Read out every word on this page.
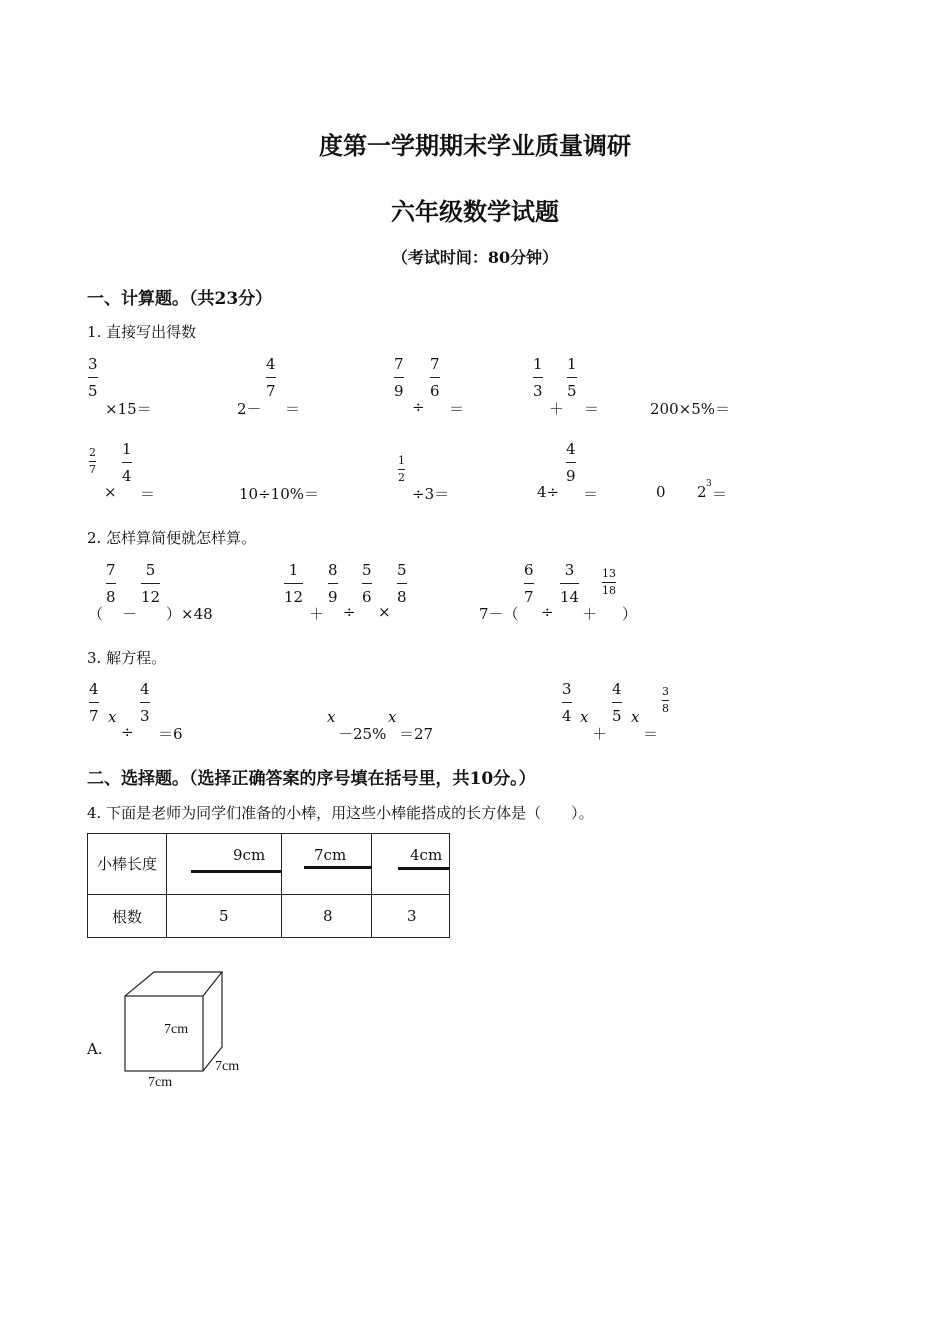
度第一学期期末学业质量调研
六年级数学试题
（考试时间：80分钟）
一、计算题。（共23分）
1. 直接写出得数
3
5
×15＝	2－
4
7
＝
7
9
÷
7
6
＝
1
3
＋
1
5
＝	200×5%＝
2
7
×
1
4
＝	10÷10%＝
1
2
÷3＝	4÷
4
9
＝	0 2 3
＝
2. 怎样算简便就怎样算。
（
7
8
－
5
12
）×48
1
12
＋
8
9
÷
5
6
×
5
8
7－（
6
7
÷
3
14
＋
13
18
）
3. 解方程。
4
7 x
÷
4
3
＝6
x
－25%
x
＝27
3
4 x
＋
4
5 x
＝
3
8
二、选择题。（选择正确答案的序号填在括号里，共10分。）
4. 下面是老师为同学们准备的小棒，用这些小棒能搭成的长方体是（　　）。
小棒长度	9cm	7cm	4cm

根数	5	8	3
A.
7cm
7cm
7cm
